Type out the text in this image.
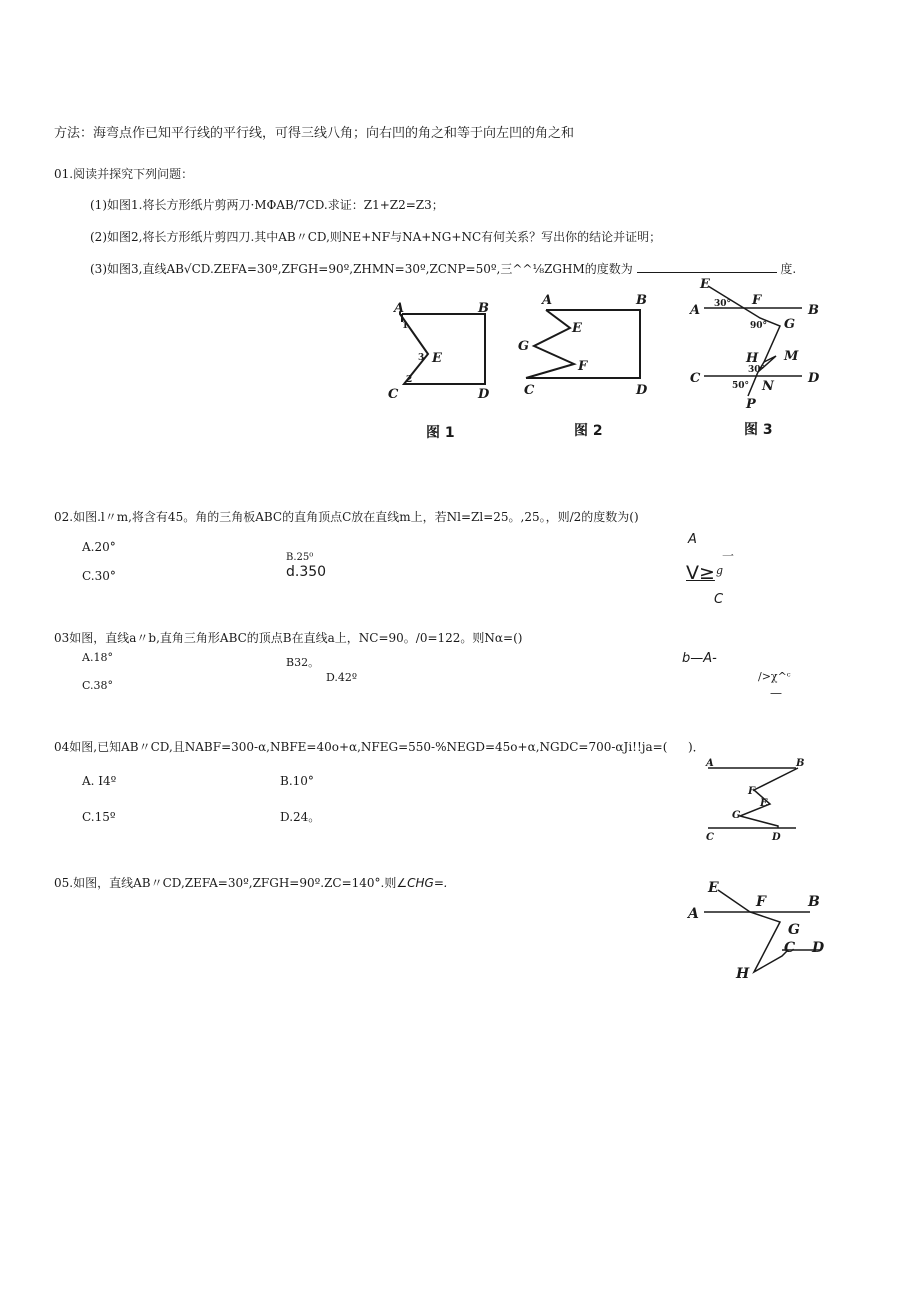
方法：海弯点作已知平行线的平行线，可得三线八角；向右凹的角之和等于向左凹的角之和
01.阅读并探究下列问题：
(1)如图1.将长方形纸片剪两刀·MΦAB/7CD.求证：Z1+Z2=Z3；
(2)如图2,将长方形纸片剪四刀.其中AB〃CD,则NE+NF与NA+NG+NC有何关系？写出你的结论并证明；
(3)如图3,直线AB√CD.ZEFA=30º,ZFGH=90º,ZHMN=30º,ZCNP=50º,三^^⅛ZGHM的度数为	度.
A	B
C	D
E
1
3
2
图 1
A	B
C	D
E
F
G
图 2
A	B
C	D
E
F
G
H M
N
P
30°
90°
30°
50°
图 3
02.如图.l〃m,将含有45。角的三角板ABC的直角顶点C放在直线m上，若Nl=Zl=25。,25。，则/2的度数为()
A.20°
B.25⁰
C.30°	d.350
A
一
V≥ g
C
03如图，直线a〃b,直角三角形ABC的顶点B在直线a上，NC=90。/0=122。则Nα=()
A.18°	B32。
D.42º
C.38°
b—A-
/>χ^ᶜ
—
04如图,已知AB〃CD,且NABF=300-α,NBFE=40o+α,NFEG=550-%NEGD=45o+α,NGDC=700-αJi!!ja=( )．
A. I4º	B.10°
C.15º	D.24。
A	B
C	D
E
F
G
05.如图，直线AB〃CD,ZEFA=30º,ZFGH=90º.ZC=140°.则∠CHG=.	E
A
F	B
G
C D
H
